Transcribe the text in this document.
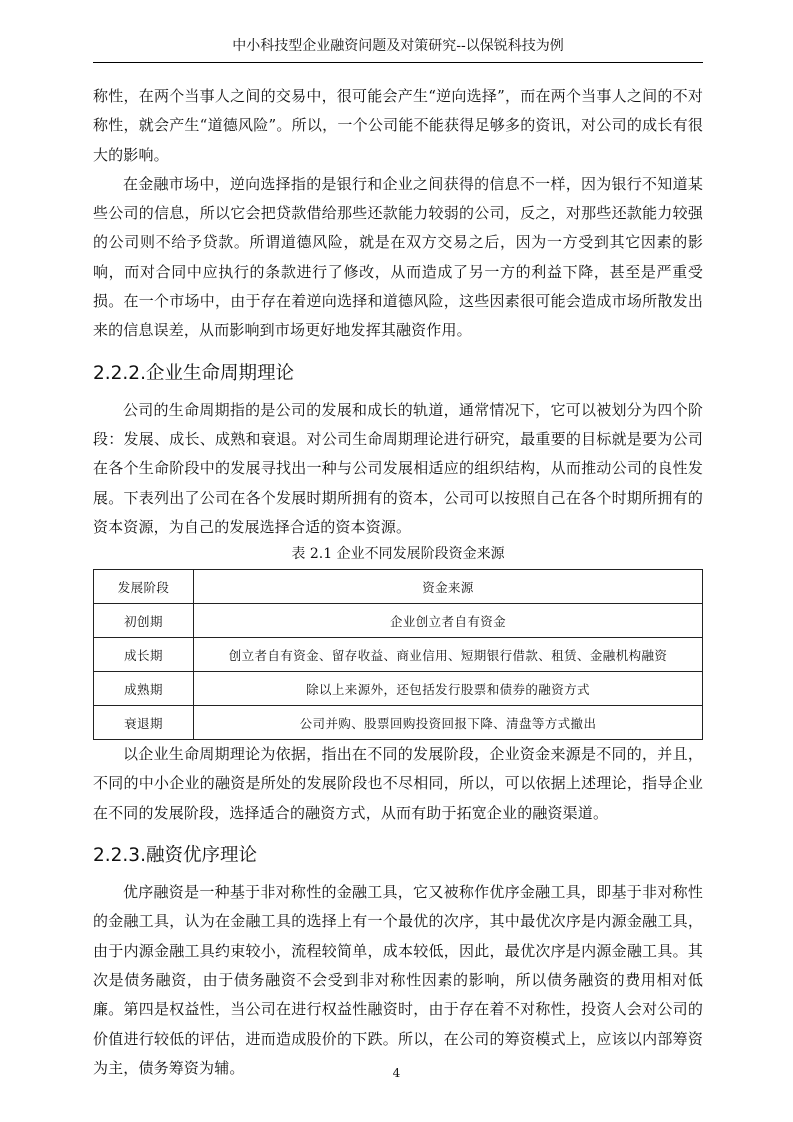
中小科技型企业融资问题及对策研究--以保锐科技为例

称性，在两个当事人之间的交易中，很可能会产生“逆向选择”，而在两个当事人之间的不对称性，就会产生“道德风险”。所以，一个公司能不能获得足够多的资讯，对公司的成长有很大的影响。

在金融市场中，逆向选择指的是银行和企业之间获得的信息不一样，因为银行不知道某些公司的信息，所以它会把贷款借给那些还款能力较弱的公司，反之，对那些还款能力较强的公司则不给予贷款。所谓道德风险，就是在双方交易之后，因为一方受到其它因素的影响，而对合同中应执行的条款进行了修改，从而造成了另一方的利益下降，甚至是严重受损。在一个市场中，由于存在着逆向选择和道德风险，这些因素很可能会造成市场所散发出来的信息误差，从而影响到市场更好地发挥其融资作用。

2.2.2.企业生命周期理论

公司的生命周期指的是公司的发展和成长的轨道，通常情况下，它可以被划分为四个阶段：发展、成长、成熟和衰退。对公司生命周期理论进行研究，最重要的目标就是要为公司在各个生命阶段中的发展寻找出一种与公司发展相适应的组织结构，从而推动公司的良性发展。下表列出了公司在各个发展时期所拥有的资本，公司可以按照自己在各个时期所拥有的资本资源，为自己的发展选择合适的资本资源。

表 2.1 企业不同发展阶段资金来源

发展阶段	资金来源
初创期	企业创立者自有资金
成长期	创立者自有资金、留存收益、商业信用、短期银行借款、租赁、金融机构融资
成熟期	除以上来源外，还包括发行股票和债券的融资方式
衰退期	公司并购、股票回购投资回报下降、清盘等方式撤出

以企业生命周期理论为依据，指出在不同的发展阶段，企业资金来源是不同的，并且，不同的中小企业的融资是所处的发展阶段也不尽相同，所以，可以依据上述理论，指导企业在不同的发展阶段，选择适合的融资方式，从而有助于拓宽企业的融资渠道。

2.2.3.融资优序理论

优序融资是一种基于非对称性的金融工具，它又被称作优序金融工具，即基于非对称性的金融工具，认为在金融工具的选择上有一个最优的次序，其中最优次序是内源金融工具，由于内源金融工具约束较小，流程较简单，成本较低，因此，最优次序是内源金融工具。其次是债务融资，由于债务融资不会受到非对称性因素的影响，所以债务融资的费用相对低廉。第四是权益性，当公司在进行权益性融资时，由于存在着不对称性，投资人会对公司的价值进行较低的评估，进而造成股价的下跌。所以，在公司的筹资模式上，应该以内部筹资为主，债务筹资为辅。	4
